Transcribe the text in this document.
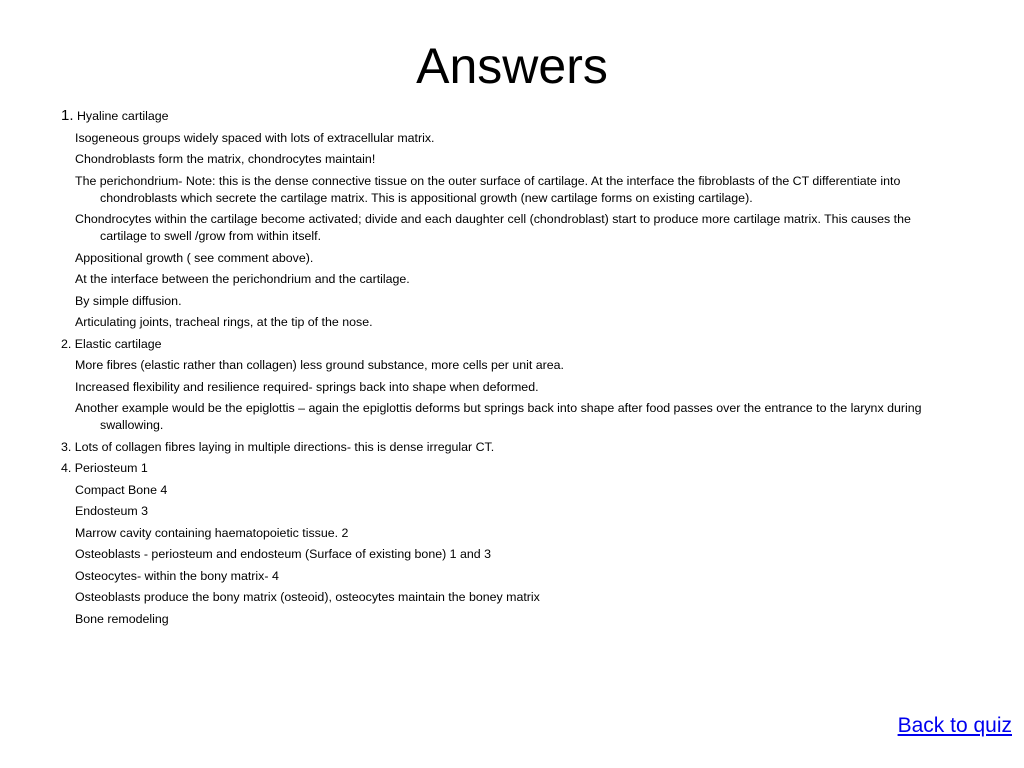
Answers
1. Hyaline cartilage
Isogeneous groups widely spaced with lots of extracellular matrix.
Chondroblasts form the matrix, chondrocytes maintain!
The perichondrium- Note: this is the dense connective tissue on the outer surface of cartilage. At the interface the fibroblasts of the CT differentiate into chondroblasts which secrete the cartilage matrix. This is appositional growth (new cartilage forms on existing cartilage).
Chondrocytes within the cartilage become activated; divide and each daughter cell (chondroblast) start to produce more cartilage matrix. This causes the cartilage to swell /grow from within itself.
Appositional growth ( see comment above).
At the interface between the perichondrium and the cartilage.
By simple diffusion.
Articulating joints, tracheal rings, at the tip of the nose.
2. Elastic cartilage
More fibres (elastic rather than collagen) less ground substance, more cells per unit area.
Increased flexibility and resilience required- springs back into shape when deformed.
Another example would be the epiglottis – again the epiglottis deforms but springs back into shape after food passes over the entrance to the larynx during swallowing.
3. Lots of collagen fibres laying in multiple directions- this is dense irregular CT.
4. Periosteum 1
Compact Bone 4
Endosteum 3
Marrow cavity containing haematopoietic tissue. 2
Osteoblasts - periosteum and endosteum (Surface of existing bone) 1 and 3
Osteocytes- within the bony matrix- 4
Osteoblasts produce the bony matrix (osteoid), osteocytes maintain the boney matrix
Bone remodeling
Back to quiz
